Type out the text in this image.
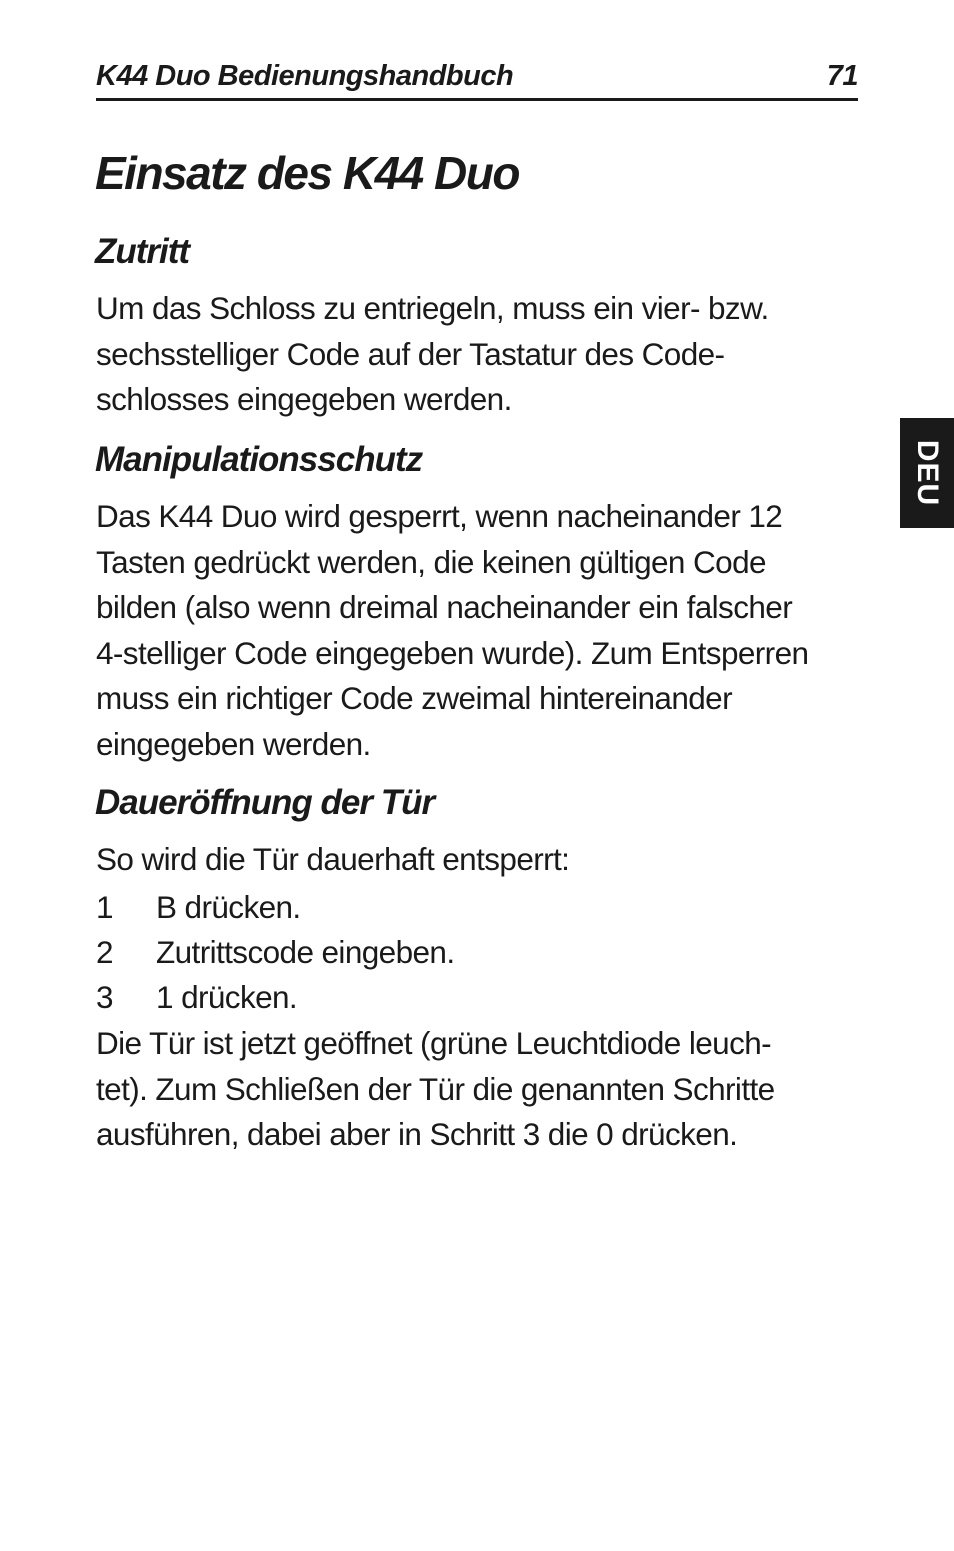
K44 Duo Bedienungshandbuch	71
DEU
Einsatz des K44 Duo
Zutritt
Um das Schloss zu entriegeln, muss ein vier- bzw.
sechsstelliger Code auf der Tastatur des Code-
schlosses eingegeben werden.
Manipulationsschutz
Das K44 Duo wird gesperrt, wenn nacheinander 12
Tasten gedrückt werden, die keinen gültigen Code
bilden (also wenn dreimal nacheinander ein falscher
4-stelliger Code eingegeben wurde). Zum Entsperren
muss ein richtiger Code zweimal hintereinander
eingegeben werden.
Daueröffnung der Tür
So wird die Tür dauerhaft entsperrt:
1 B drücken.
2 Zutrittscode eingeben.
3 1 drücken.
Die Tür ist jetzt geöffnet (grüne Leuchtdiode leuch-
tet). Zum Schließen der Tür die genannten Schritte
ausführen, dabei aber in Schritt 3 die 0 drücken.
